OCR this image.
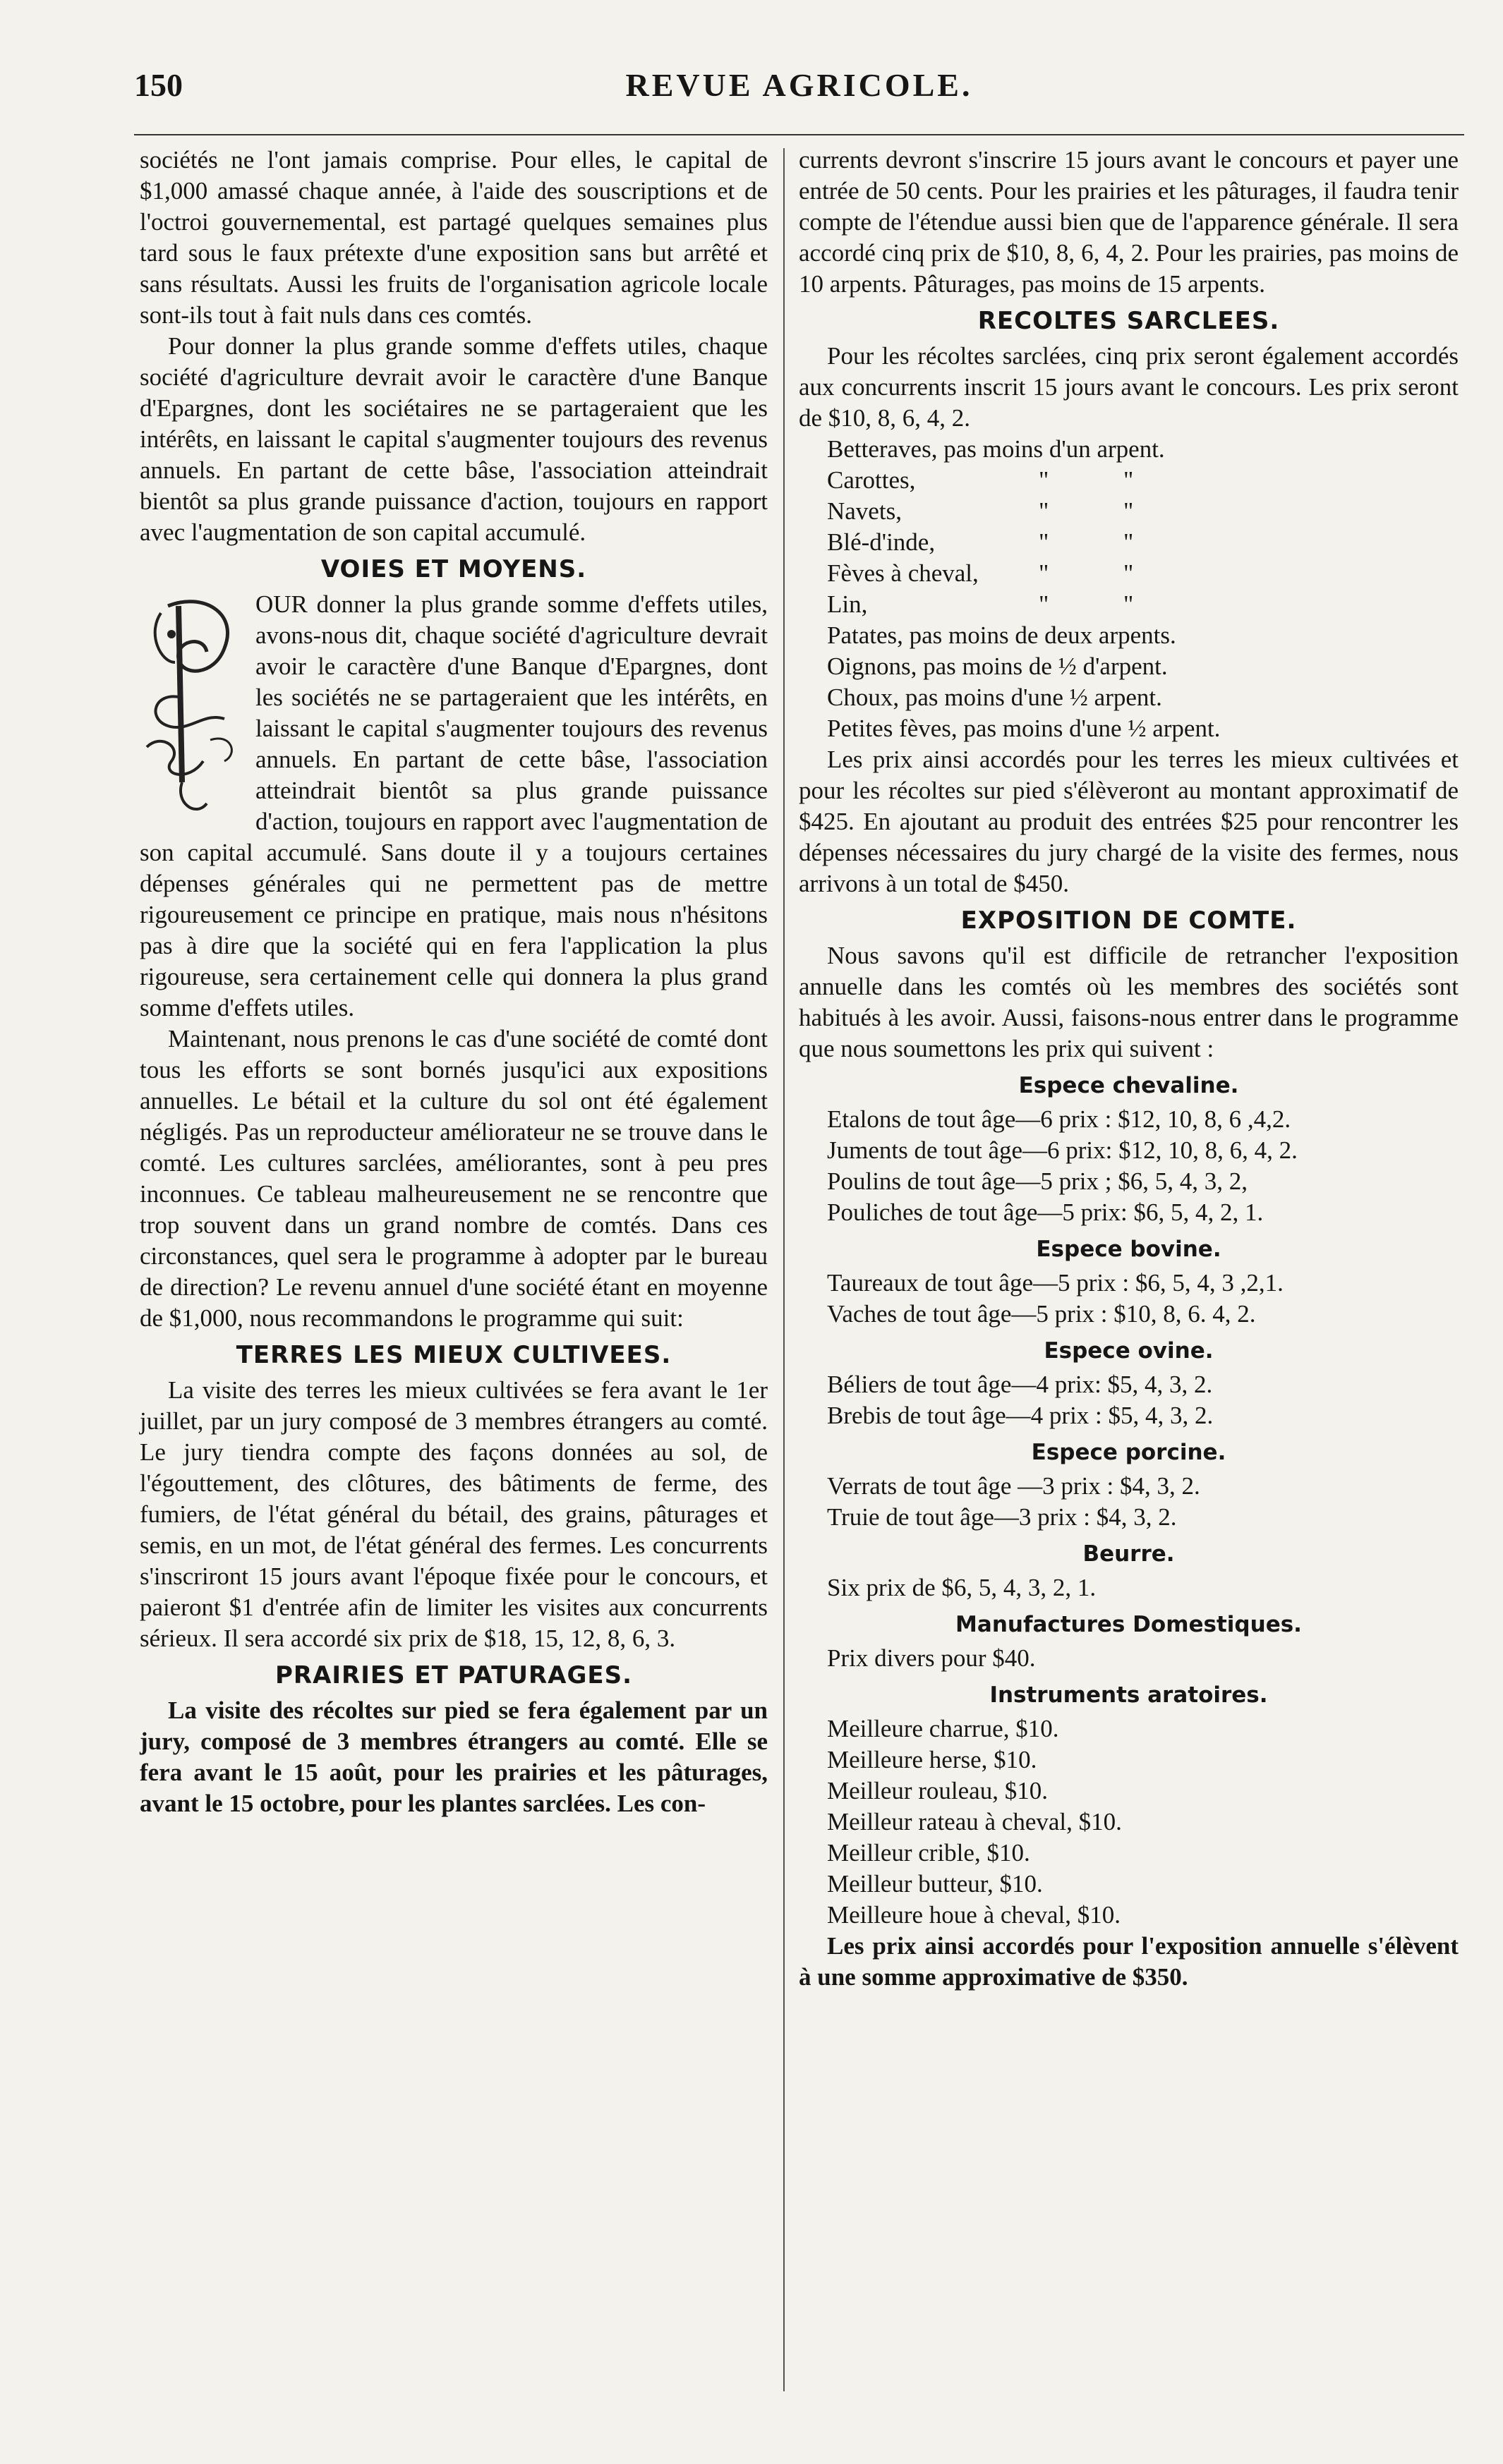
150	REVUE AGRICOLE.

sociétés ne l'ont jamais comprise. Pour elles, le capital de $1,000 amassé chaque année, à l'aide des souscriptions et de l'octroi gouvernemental, est partagé quelques semaines plus tard sous le faux prétexte d'une exposition sans but arrêté et sans résultats. Aussi les fruits de l'organisation agricole locale sont-ils tout à fait nuls dans ces comtés.

Pour donner la plus grande somme d'effets utiles, chaque société d'agriculture devrait avoir le caractère d'une Banque d'Epargnes, dont les sociétaires ne se partageraient que les intérêts, en laissant le capital s'augmenter toujours des revenus annuels. En partant de cette bâse, l'association atteindrait bientôt sa plus grande puissance d'action, toujours en rapport avec l'augmentation de son capital accumulé.

VOIES ET MOYENS.

OUR donner la plus grande somme d'effets utiles, avons-nous dit, chaque société d'agriculture devrait avoir le caractère d'une Banque d'Epargnes, dont les sociétés ne se partageraient que les intérêts, en laissant le capital s'augmenter toujours des revenus annuels. En partant de cette bâse, l'association atteindrait bientôt sa plus grande puissance d'action, toujours en rapport avec l'augmentation de son capital accumulé. Sans doute il y a toujours certaines dépenses générales qui ne permettent pas de mettre rigoureusement ce principe en pratique, mais nous n'hésitons pas à dire que la société qui en fera l'application la plus rigoureuse, sera certainement celle qui donnera la plus grand somme d'effets utiles.

Maintenant, nous prenons le cas d'une société de comté dont tous les efforts se sont bornés jusqu'ici aux expositions annuelles. Le bétail et la culture du sol ont été également négligés. Pas un reproducteur améliorateur ne se trouve dans le comté. Les cultures sarclées, améliorantes, sont à peu pres inconnues. Ce tableau malheureusement ne se rencontre que trop souvent dans un grand nombre de comtés. Dans ces circonstances, quel sera le programme à adopter par le bureau de direction? Le revenu annuel d'une société étant en moyenne de $1,000, nous recommandons le programme qui suit:

TERRES LES MIEUX CULTIVEES.

La visite des terres les mieux cultivées se fera avant le 1er juillet, par un jury composé de 3 membres étrangers au comté. Le jury tiendra compte des façons données au sol, de l'égouttement, des clôtures, des bâtiments de ferme, des fumiers, de l'état général du bétail, des grains, pâturages et semis, en un mot, de l'état général des fermes. Les concurrents s'inscriront 15 jours avant l'époque fixée pour le concours, et paieront $1 d'entrée afin de limiter les visites aux concurrents sérieux. Il sera accordé six prix de $18, 15, 12, 8, 6, 3.

PRAIRIES ET PATURAGES.

La visite des récoltes sur pied se fera également par un jury, composé de 3 membres étrangers au comté. Elle se fera avant le 15 août, pour les prairies et les pâturages, avant le 15 octobre, pour les plantes sarclées. Les con-

currents devront s'inscrire 15 jours avant le concours et payer une entrée de 50 cents. Pour les prairies et les pâturages, il faudra tenir compte de l'étendue aussi bien que de l'apparence générale. Il sera accordé cinq prix de $10, 8, 6, 4, 2. Pour les prairies, pas moins de 10 arpents. Pâturages, pas moins de 15 arpents.

RECOLTES SARCLEES.

Pour les récoltes sarclées, cinq prix seront également accordés aux concurrents inscrit 15 jours avant le concours. Les prix seront de $10, 8, 6, 4, 2.

Betteraves, pas moins d'un arpent.
Carottes,	"	"
Navets,	"	"
Blé-d'inde,	"	"
Fèves à cheval,	"	"
Lin,	"	"
Patates, pas moins de deux arpents.
Oignons, pas moins de ½ d'arpent.
Choux, pas moins d'une ½ arpent.
Petites fèves, pas moins d'une ½ arpent.

Les prix ainsi accordés pour les terres les mieux cultivées et pour les récoltes sur pied s'élèveront au montant approximatif de $425. En ajoutant au produit des entrées $25 pour rencontrer les dépenses nécessaires du jury chargé de la visite des fermes, nous arrivons à un total de $450.

EXPOSITION DE COMTE.

Nous savons qu'il est difficile de retrancher l'exposition annuelle dans les comtés où les membres des sociétés sont habitués à les avoir. Aussi, faisons-nous entrer dans le programme que nous soumettons les prix qui suivent :

Espece chevaline.
Etalons de tout âge—6 prix : $12, 10, 8, 6 ,4,2.
Juments de tout âge—6 prix: $12, 10, 8, 6, 4, 2.
Poulins de tout âge—5 prix ; $6, 5, 4, 3, 2,
Pouliches de tout âge—5 prix: $6, 5, 4, 2, 1.
Espece bovine.
Taureaux de tout âge—5 prix : $6, 5, 4, 3 ,2,1.
Vaches de tout âge—5 prix : $10, 8, 6. 4, 2.
Espece ovine.
Béliers de tout âge—4 prix: $5, 4, 3, 2.
Brebis de tout âge—4 prix : $5, 4, 3, 2.
Espece porcine.
Verrats de tout âge —3 prix : $4, 3, 2.
Truie de tout âge—3 prix : $4, 3, 2.
Beurre.
Six prix de $6, 5, 4, 3, 2, 1.
Manufactures Domestiques.
Prix divers pour $40.
Instruments aratoires.
Meilleure charrue, $10.
Meilleure herse, $10.
Meilleur rouleau, $10.
Meilleur rateau à cheval, $10.
Meilleur crible, $10.
Meilleur butteur, $10.
Meilleure houe à cheval, $10.

Les prix ainsi accordés pour l'exposition annuelle s'élèvent à une somme approximative de $350.
